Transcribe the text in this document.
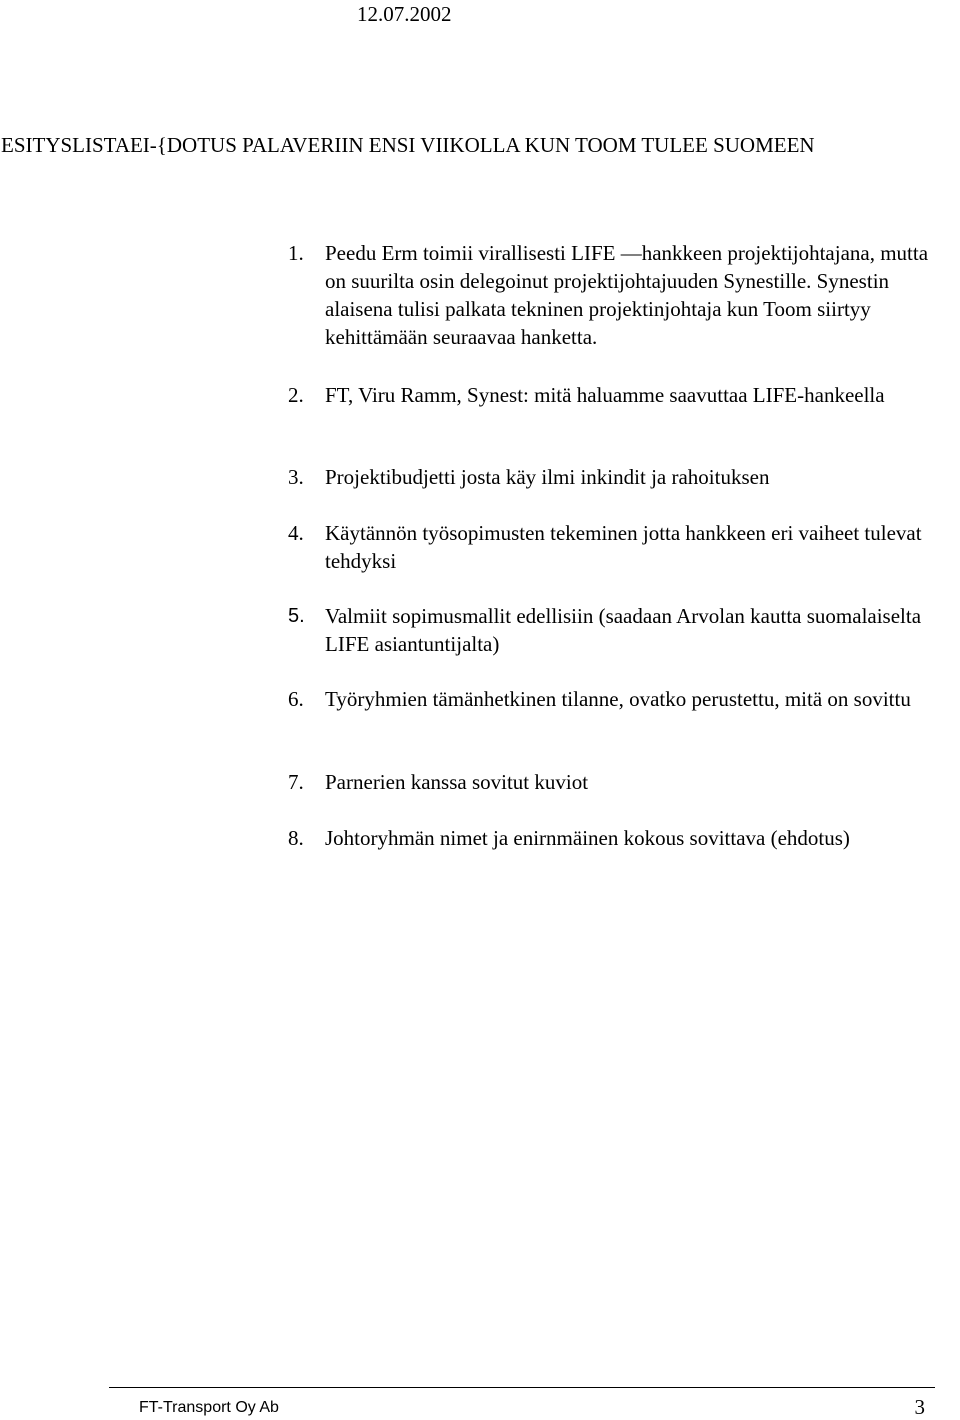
12.07.2002

ESITYSLISTAEI-{DOTUS PALAVERIIN ENSI VIIKOLLA KUN TOOM TULEE SUOMEEN
1.	Peedu Erm toimii virallisesti LIFE —hankkeen projektijohtajana, mutta on suurilta osin delegoinut projektijohtajuuden Synestille. Synestin alaisena tulisi palkata tekninen projektinjohtaja kun Toom siirtyy kehittämään seuraavaa hanketta.
2.	FT, Viru Ramm, Synest: mitä haluamme saavuttaa LIFE-hankeella
3.	Projektibudjetti josta käy ilmi inkindit ja rahoituksen
4.	Käytännön työsopimusten tekeminen jotta hankkeen eri vaiheet tulevat tehdyksi
5. Valmiit sopimusmallit edellisiin (saadaan Arvolan kautta suomalaiselta LIFE asiantuntijalta)
6.	Työryhmien tämänhetkinen tilanne, ovatko perustettu, mitä on sovittu
7.	Parnerien kanssa sovitut kuviot
8.	Johtoryhmän nimet ja enirnmäinen kokous sovittava (ehdotus)
FT-Transport Oy Ab	3
